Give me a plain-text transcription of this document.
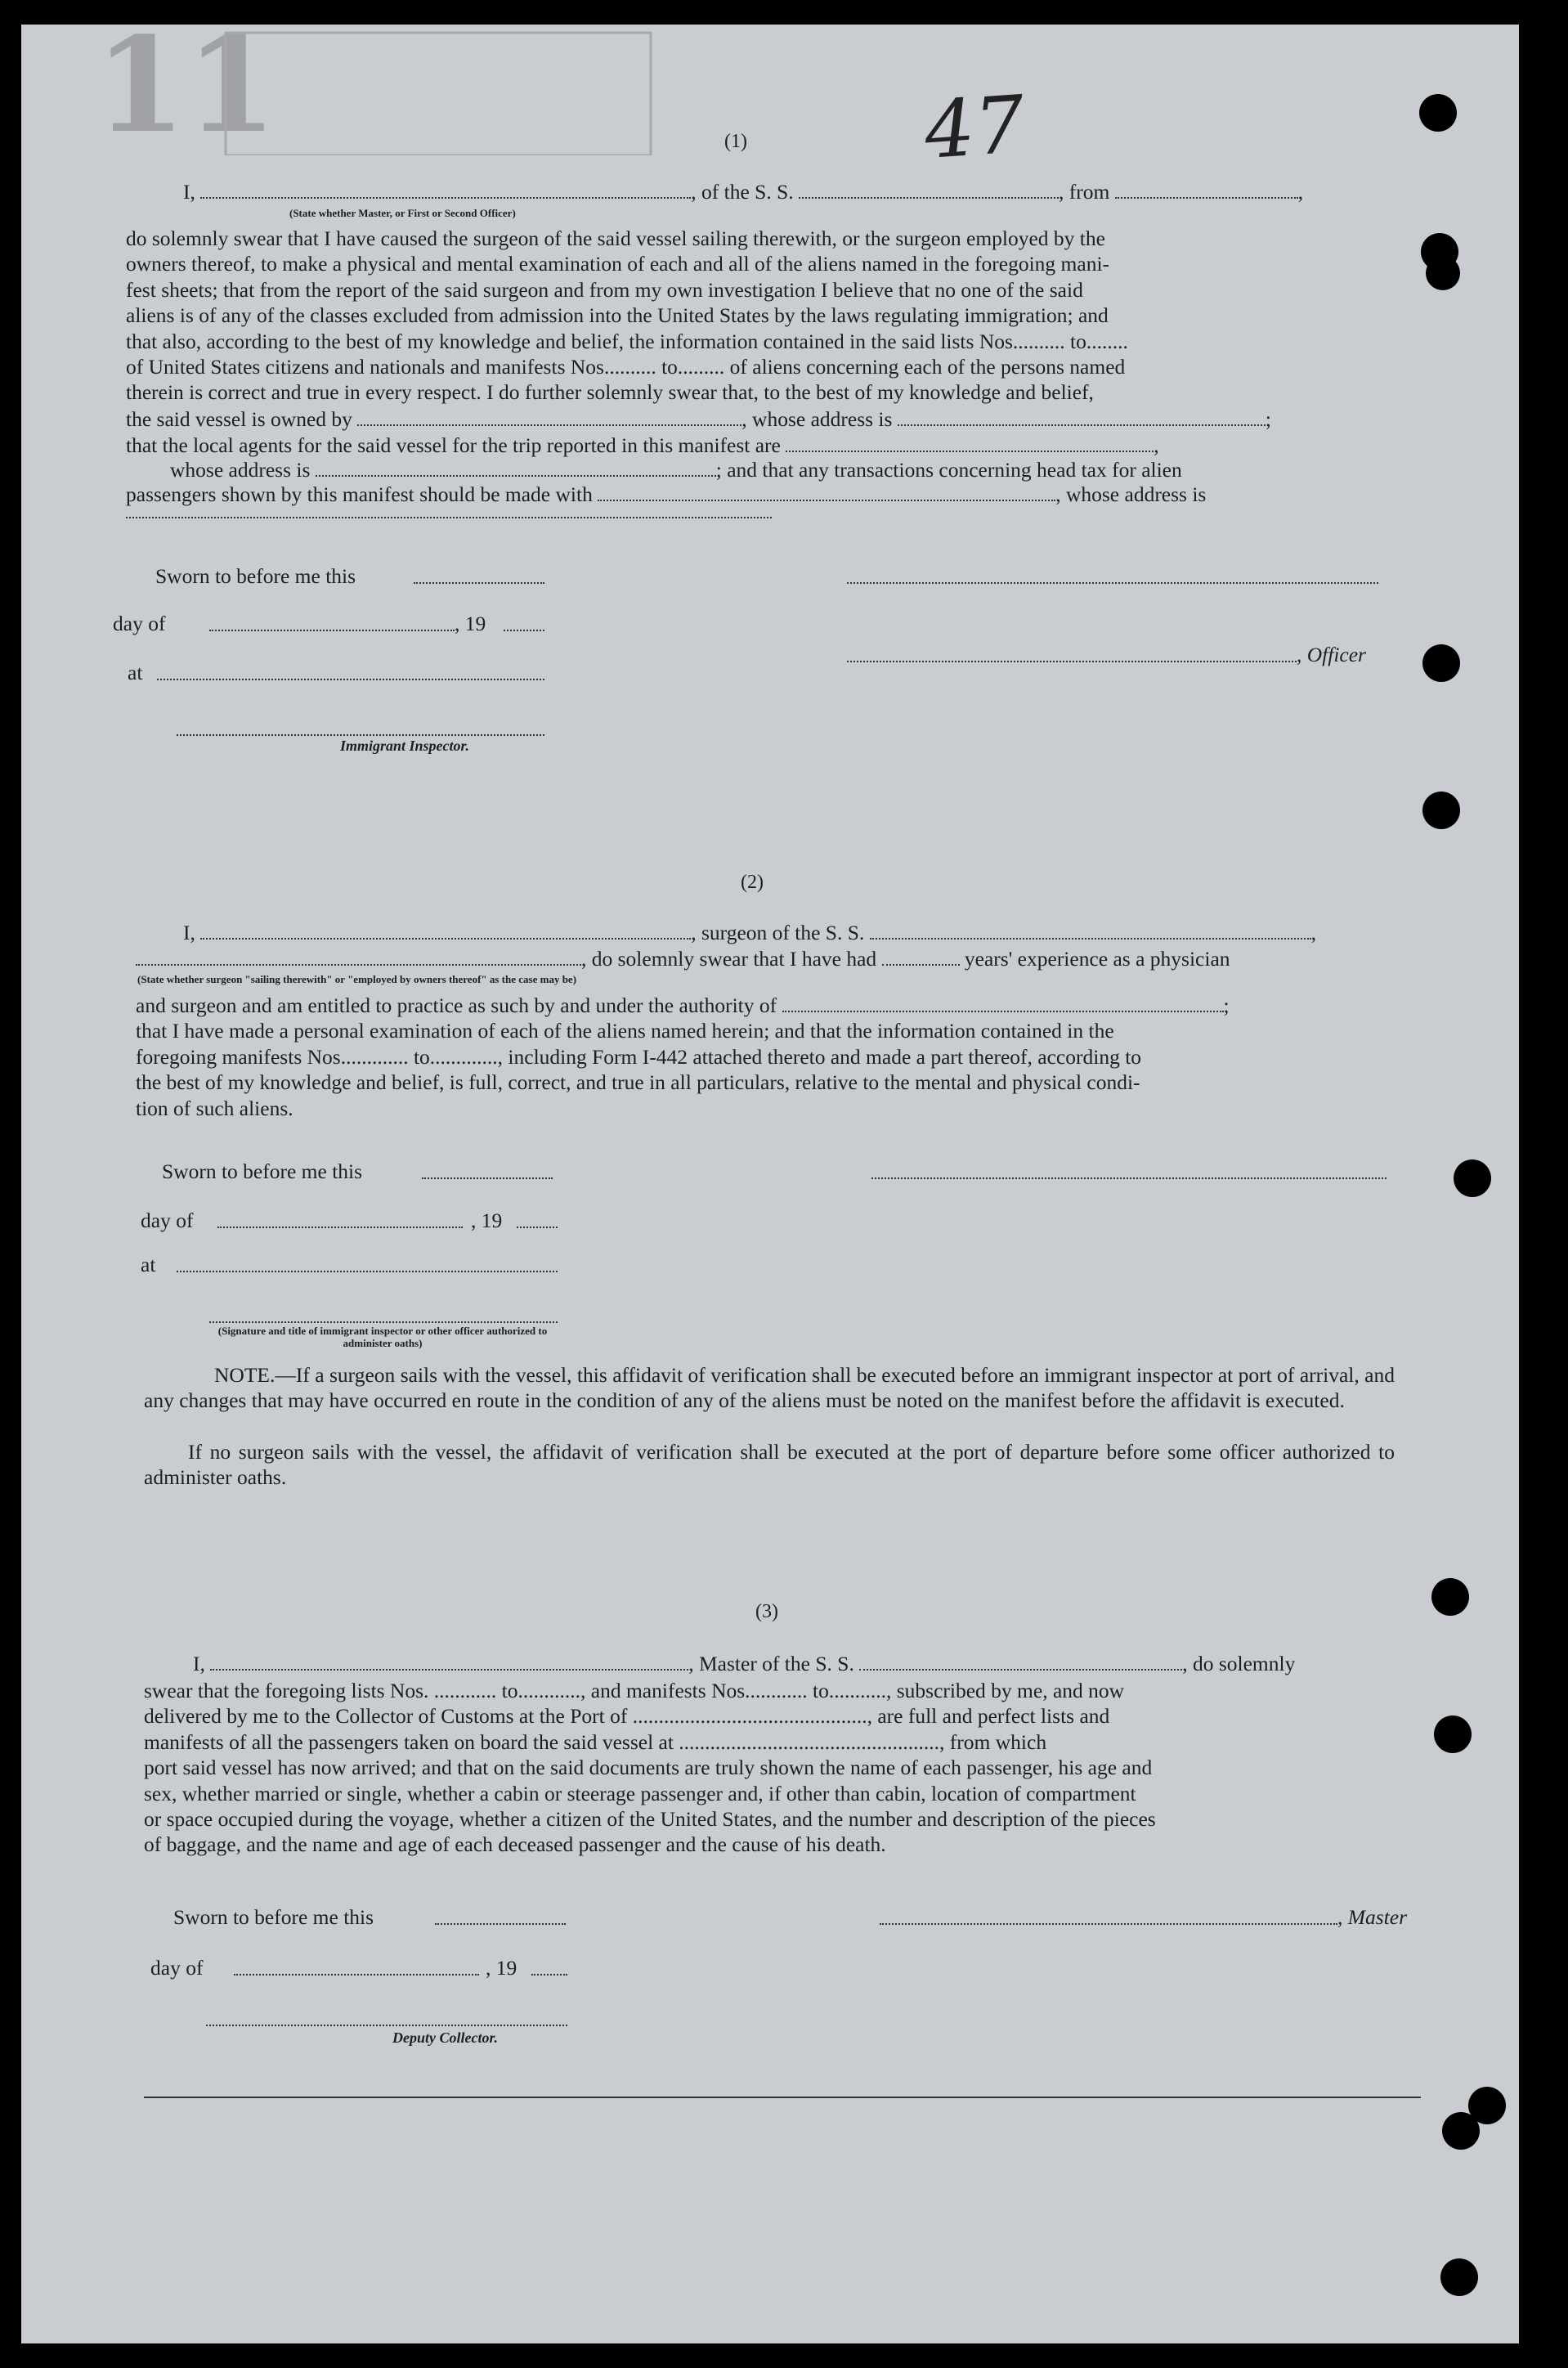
11	47
(1)
I,	, of the S. S.	, from	,
(State whether Master, or First or Second Officer)
do solemnly swear that I have caused the surgeon of the said vessel sailing therewith, or the surgeon employed by the
owners thereof, to make a physical and mental examination of each and all of the aliens named in the foregoing mani-
fest sheets; that from the report of the said surgeon and from my own investigation I believe that no one of the said
aliens is of any of the classes excluded from admission into the United States by the laws regulating immigration; and
that also, according to the best of my knowledge and belief, the information contained in the said lists Nos.......... to........
of United States citizens and nationals and manifests Nos.......... to......... of aliens concerning each of the persons named
therein is correct and true in every respect. I do further solemnly swear that, to the best of my knowledge and belief,
the said vessel is owned by	, whose address is	;
that the local agents for the said vessel for the trip reported in this manifest are	,
whose address is	; and that any transactions concerning head tax for alien
passengers shown by this manifest should be made with	, whose address is
Sworn to before me this
day of	, 19
, Officer
at
Immigrant Inspector.
(2)
I,	, surgeon of the S. S.	,
, do solemnly swear that I have had	years' experience as a physician
(State whether surgeon "sailing therewith" or "employed by owners thereof" as the case may be)
and surgeon and am entitled to practice as such by and under the authority of	;
that I have made a personal examination of each of the aliens named herein; and that the information contained in the
foregoing manifests Nos............. to............., including Form I-442 attached thereto and made a part thereof, according to
the best of my knowledge and belief, is full, correct, and true in all particulars, relative to the mental and physical condi-
tion of such aliens.
Sworn to before me this
day of	, 19
at
(Signature and title of immigrant inspector or other officer authorized to administer oaths)
NOTE.—If a surgeon sails with the vessel, this affidavit of verification shall be executed before an immigrant inspector at port of arrival, and any changes that may have occurred en route in the condition of any of the aliens must be noted on the manifest before the affidavit is executed.
If no surgeon sails with the vessel, the affidavit of verification shall be executed at the port of departure before some officer authorized to administer oaths.
(3)
I,	, Master of the S. S.	, do solemnly
swear that the foregoing lists Nos. ............ to............, and manifests Nos............ to..........., subscribed by me, and now
delivered by me to the Collector of Customs at the Port of ............................................., are full and perfect lists and
manifests of all the passengers taken on board the said vessel at .................................................., from which
port said vessel has now arrived; and that on the said documents are truly shown the name of each passenger, his age and
sex, whether married or single, whether a cabin or steerage passenger and, if other than cabin, location of compartment
or space occupied during the voyage, whether a citizen of the United States, and the number and description of the pieces
of baggage, and the name and age of each deceased passenger and the cause of his death.
Sworn to before me this	, Master
day of	, 19
Deputy Collector.
